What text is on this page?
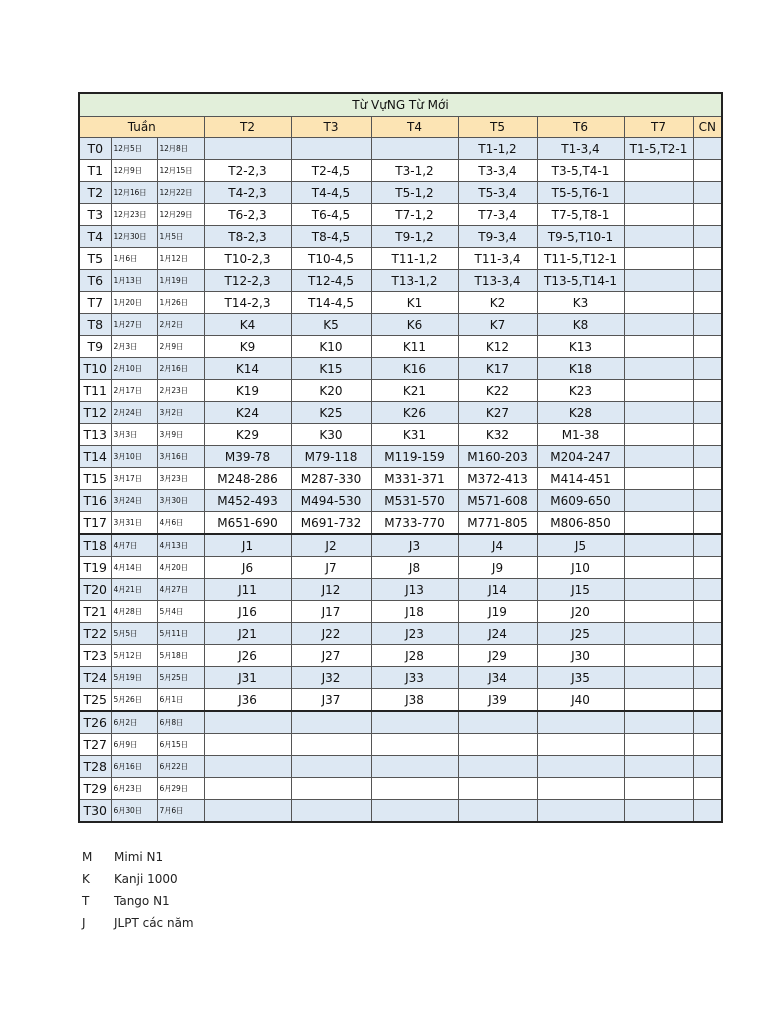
Từ VựNG Từ Mới									
Tuần			T2	T3	T4	T5	T6	T7	CN
T0	12月5日	12月8日				T1-1,2	T1-3,4	T1-5,T2-1	
T1	12月9日	12月15日	T2-2,3	T2-4,5	T3-1,2	T3-3,4	T3-5,T4-1		
T2	12月16日	12月22日	T4-2,3	T4-4,5	T5-1,2	T5-3,4	T5-5,T6-1		
T3	12月23日	12月29日	T6-2,3	T6-4,5	T7-1,2	T7-3,4	T7-5,T8-1		
T4	12月30日	1月5日	T8-2,3	T8-4,5	T9-1,2	T9-3,4	T9-5,T10-1		
T5	1月6日	1月12日	T10-2,3	T10-4,5	T11-1,2	T11-3,4	T11-5,T12-1		
T6	1月13日	1月19日	T12-2,3	T12-4,5	T13-1,2	T13-3,4	T13-5,T14-1		
T7	1月20日	1月26日	T14-2,3	T14-4,5	K1	K2	K3		
T8	1月27日	2月2日	K4	K5	K6	K7	K8		
T9	2月3日	2月9日	K9	K10	K11	K12	K13		
T10	2月10日	2月16日	K14	K15	K16	K17	K18		
T11	2月17日	2月23日	K19	K20	K21	K22	K23		
T12	2月24日	3月2日	K24	K25	K26	K27	K28		
T13	3月3日	3月9日	K29	K30	K31	K32	M1-38		
T14	3月10日	3月16日	M39-78	M79-118	M119-159	M160-203	M204-247		
T15	3月17日	3月23日	M248-286	M287-330	M331-371	M372-413	M414-451		
T16	3月24日	3月30日	M452-493	M494-530	M531-570	M571-608	M609-650		
T17	3月31日	4月6日	M651-690	M691-732	M733-770	M771-805	M806-850		
T18	4月7日	4月13日	J1	J2	J3	J4	J5		
T19	4月14日	4月20日	J6	J7	J8	J9	J10		
T20	4月21日	4月27日	J11	J12	J13	J14	J15		
T21	4月28日	5月4日	J16	J17	J18	J19	J20		
T22	5月5日	5月11日	J21	J22	J23	J24	J25		
T23	5月12日	5月18日	J26	J27	J28	J29	J30		
T24	5月19日	5月25日	J31	J32	J33	J34	J35		
T25	5月26日	6月1日	J36	J37	J38	J39	J40		
T26	6月2日	6月8日							
T27	6月9日	6月15日							
T28	6月16日	6月22日							
T29	6月23日	6月29日							
T30	6月30日	7月6日							
M	Mimi N1
K	Kanji 1000
T	Tango N1
J	JLPT các năm
